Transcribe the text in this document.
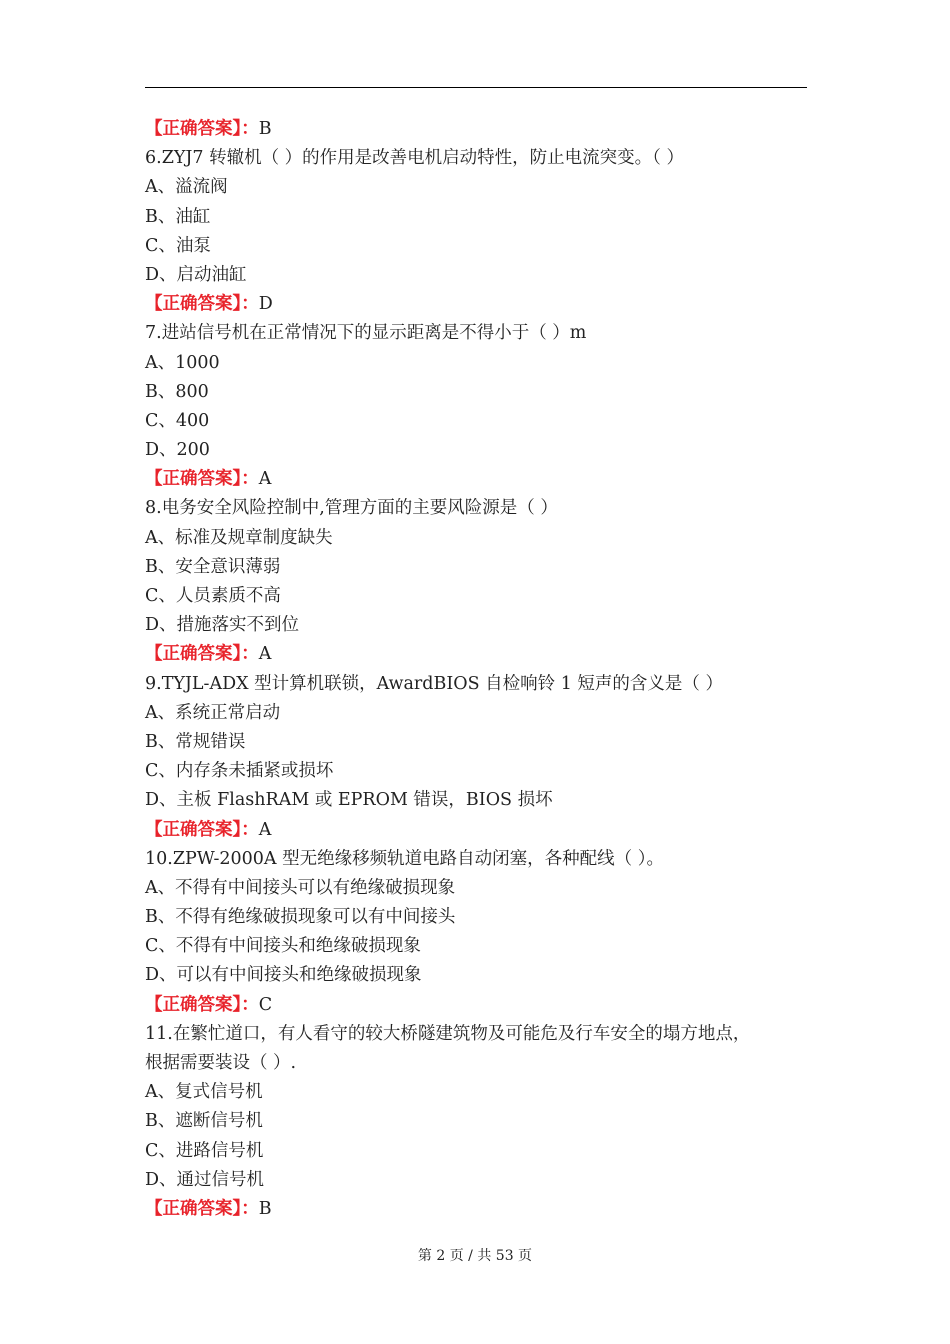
【正确答案】：B
6.ZYJ7 转辙机（ ）的作用是改善电机启动特性，防止电流突变。（ ）
A、溢流阀
B、油缸
C、油泵
D、启动油缸
【正确答案】：D
7.进站信号机在正常情况下的显示距离是不得小于（ ）m
A、1000
B、800
C、400
D、200
【正确答案】：A
8.电务安全风险控制中,管理方面的主要风险源是（ ）
A、标准及规章制度缺失
B、安全意识薄弱
C、人员素质不高
D、措施落实不到位
【正确答案】：A
9.TYJL-ADX 型计算机联锁，AwardBIOS 自检响铃 1 短声的含义是（ ）
A、系统正常启动
B、常规错误
C、内存条未插紧或损坏
D、主板 FlashRAM 或 EPROM 错误，BIOS 损坏
【正确答案】：A
10.ZPW-2000A 型无绝缘移频轨道电路自动闭塞，各种配线（ ）。
A、不得有中间接头可以有绝缘破损现象
B、不得有绝缘破损现象可以有中间接头
C、不得有中间接头和绝缘破损现象
D、可以有中间接头和绝缘破损现象
【正确答案】：C
11.在繁忙道口，有人看守的较大桥隧建筑物及可能危及行车安全的塌方地点，
根据需要装设（ ）.
A、复式信号机
B、遮断信号机
C、进路信号机
D、通过信号机
【正确答案】：B
第 2 页 / 共 53 页
